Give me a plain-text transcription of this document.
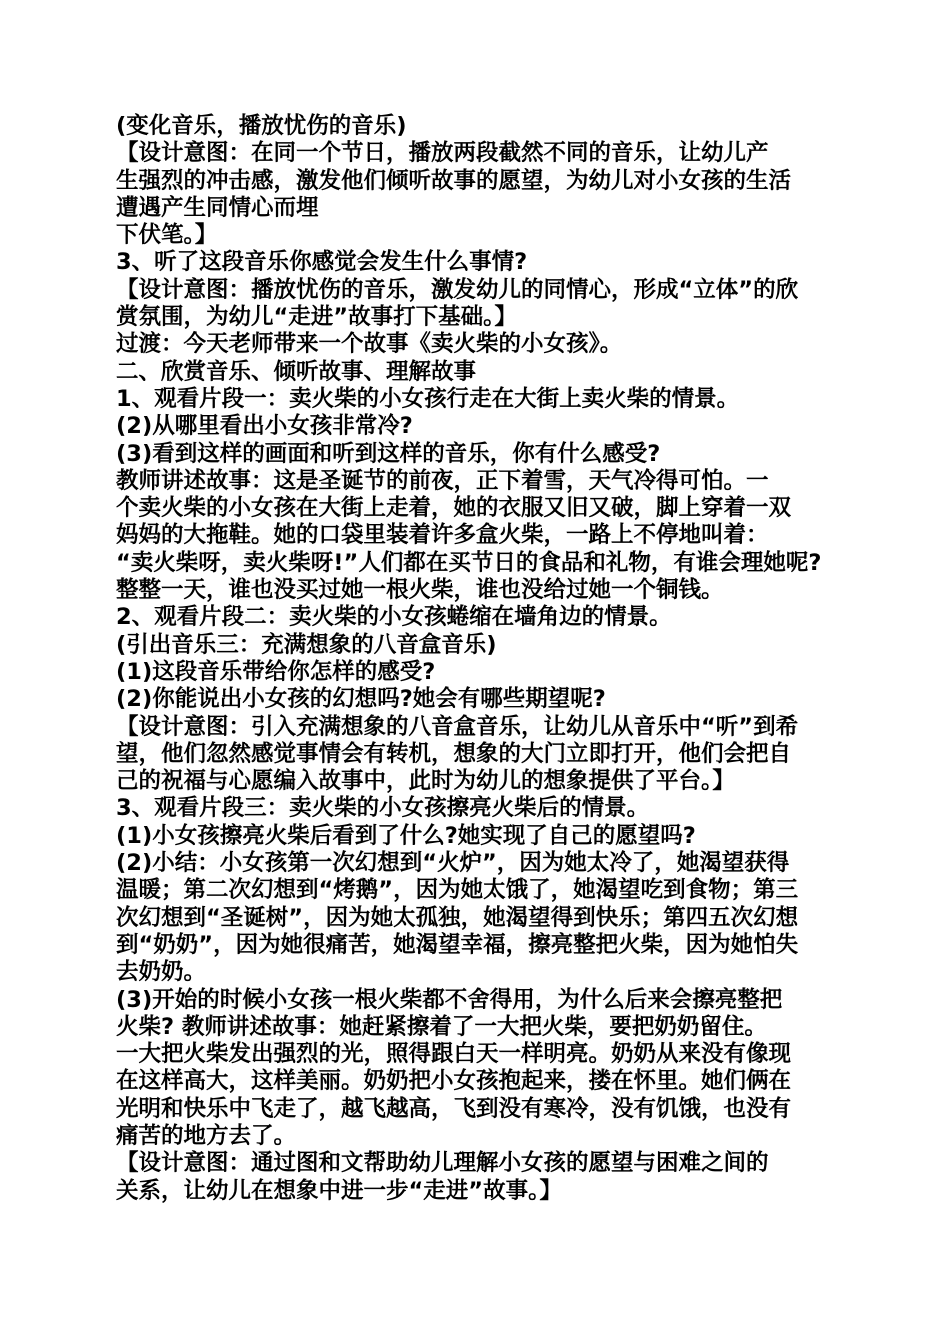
(变化音乐，播放忧伤的音乐)
【设计意图：在同一个节日，播放两段截然不同的音乐，让幼儿产
生强烈的冲击感，激发他们倾听故事的愿望，为幼儿对小女孩的生活
遭遇产生同情心而埋
下伏笔。】
3、听了这段音乐你感觉会发生什么事情?
【设计意图：播放忧伤的音乐，激发幼儿的同情心，形成“立体”的欣
赏氛围，为幼儿“走进”故事打下基础。】
过渡：今天老师带来一个故事《卖火柴的小女孩》。
二、欣赏音乐、倾听故事、理解故事
1、观看片段一：卖火柴的小女孩行走在大街上卖火柴的情景。
(2)从哪里看出小女孩非常冷?
(3)看到这样的画面和听到这样的音乐，你有什么感受?
教师讲述故事：这是圣诞节的前夜，正下着雪，天气冷得可怕。一
个卖火柴的小女孩在大街上走着，她的衣服又旧又破，脚上穿着一双
妈妈的大拖鞋。她的口袋里装着许多盒火柴，一路上不停地叫着：
“卖火柴呀，卖火柴呀!”人们都在买节日的食品和礼物，有谁会理她呢?
整整一天，谁也没买过她一根火柴，谁也没给过她一个铜钱。
2、观看片段二：卖火柴的小女孩蜷缩在墙角边的情景。
(引出音乐三：充满想象的八音盒音乐)
(1)这段音乐带给你怎样的感受?
(2)你能说出小女孩的幻想吗?她会有哪些期望呢?
【设计意图：引入充满想象的八音盒音乐，让幼儿从音乐中“听”到希
望，他们忽然感觉事情会有转机，想象的大门立即打开，他们会把自
己的祝福与心愿编入故事中，此时为幼儿的想象提供了平台。】
3、观看片段三：卖火柴的小女孩擦亮火柴后的情景。
(1)小女孩擦亮火柴后看到了什么?她实现了自己的愿望吗?
(2)小结：小女孩第一次幻想到“火炉”，因为她太冷了，她渴望获得
温暖；第二次幻想到“烤鹅”，因为她太饿了，她渴望吃到食物；第三
次幻想到“圣诞树”，因为她太孤独，她渴望得到快乐；第四五次幻想
到“奶奶”，因为她很痛苦，她渴望幸福，擦亮整把火柴，因为她怕失
去奶奶。
(3)开始的时候小女孩一根火柴都不舍得用，为什么后来会擦亮整把
火柴? 教师讲述故事：她赶紧擦着了一大把火柴，要把奶奶留住。
一大把火柴发出强烈的光，照得跟白天一样明亮。奶奶从来没有像现
在这样高大，这样美丽。奶奶把小女孩抱起来，搂在怀里。她们俩在
光明和快乐中飞走了，越飞越高，飞到没有寒冷，没有饥饿，也没有
痛苦的地方去了。
【设计意图：通过图和文帮助幼儿理解小女孩的愿望与困难之间的
关系，让幼儿在想象中进一步“走进”故事。】
